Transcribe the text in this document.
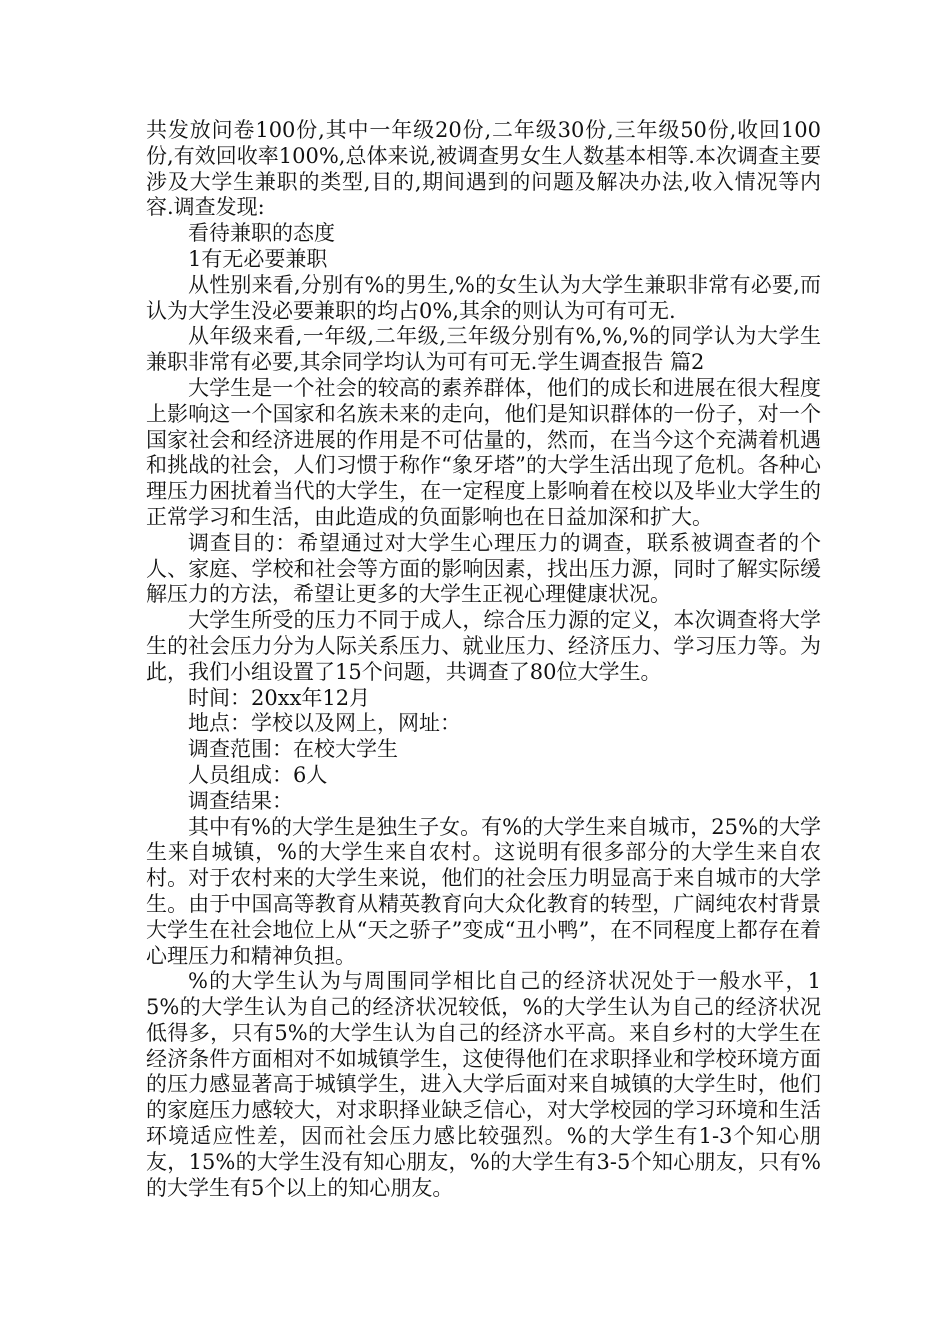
共发放问卷100份,其中一年级20份,二年级30份,三年级50份,收回100份,有效回收率100%,总体来说,被调查男女生人数基本相等.本次调查主要涉及大学生兼职的类型,目的,期间遇到的问题及解决办法,收入情况等内容.调查发现:

看待兼职的态度

1有无必要兼职

从性别来看,分别有%的男生,%的女生认为大学生兼职非常有必要,而认为大学生没必要兼职的均占0%,其余的则认为可有可无.

从年级来看,一年级,二年级,三年级分别有%,%,%的同学认为大学生兼职非常有必要,其余同学均认为可有可无.学生调查报告 篇2

大学生是一个社会的较高的素养群体，他们的成长和进展在很大程度上影响这一个国家和名族未来的走向，他们是知识群体的一份子，对一个国家社会和经济进展的作用是不可估量的，然而，在当今这个充满着机遇和挑战的社会，人们习惯于称作“象牙塔”的大学生活出现了危机。各种心理压力困扰着当代的大学生，在一定程度上影响着在校以及毕业大学生的正常学习和生活，由此造成的负面影响也在日益加深和扩大。

调查目的：希望通过对大学生心理压力的调查，联系被调查者的个人、家庭、学校和社会等方面的影响因素，找出压力源，同时了解实际缓解压力的方法，希望让更多的大学生正视心理健康状况。

大学生所受的压力不同于成人，综合压力源的定义，本次调查将大学生的社会压力分为人际关系压力、就业压力、经济压力、学习压力等。为此，我们小组设置了15个问题，共调查了80位大学生。

时间：20xx年12月

地点：学校以及网上，网址：

调查范围：在校大学生

人员组成：6人

调查结果：

其中有%的大学生是独生子女。有%的大学生来自城市，25%的大学生来自城镇，%的大学生来自农村。这说明有很多部分的大学生来自农村。对于农村来的大学生来说，他们的社会压力明显高于来自城市的大学生。由于中国高等教育从精英教育向大众化教育的转型，广阔纯农村背景大学生在社会地位上从“天之骄子”变成“丑小鸭”，在不同程度上都存在着心理压力和精神负担。

%的大学生认为与周围同学相比自己的经济状况处于一般水平，15%的大学生认为自己的经济状况较低，%的大学生认为自己的经济状况低得多，只有5%的大学生认为自己的经济水平高。来自乡村的大学生在经济条件方面相对不如城镇学生，这使得他们在求职择业和学校环境方面的压力感显著高于城镇学生，进入大学后面对来自城镇的大学生时，他们的家庭压力感较大，对求职择业缺乏信心，对大学校园的学习环境和生活环境适应性差，因而社会压力感比较强烈。%的大学生有1-3个知心朋友，15%的大学生没有知心朋友，%的大学生有3-5个知心朋友，只有%的大学生有5个以上的知心朋友。
